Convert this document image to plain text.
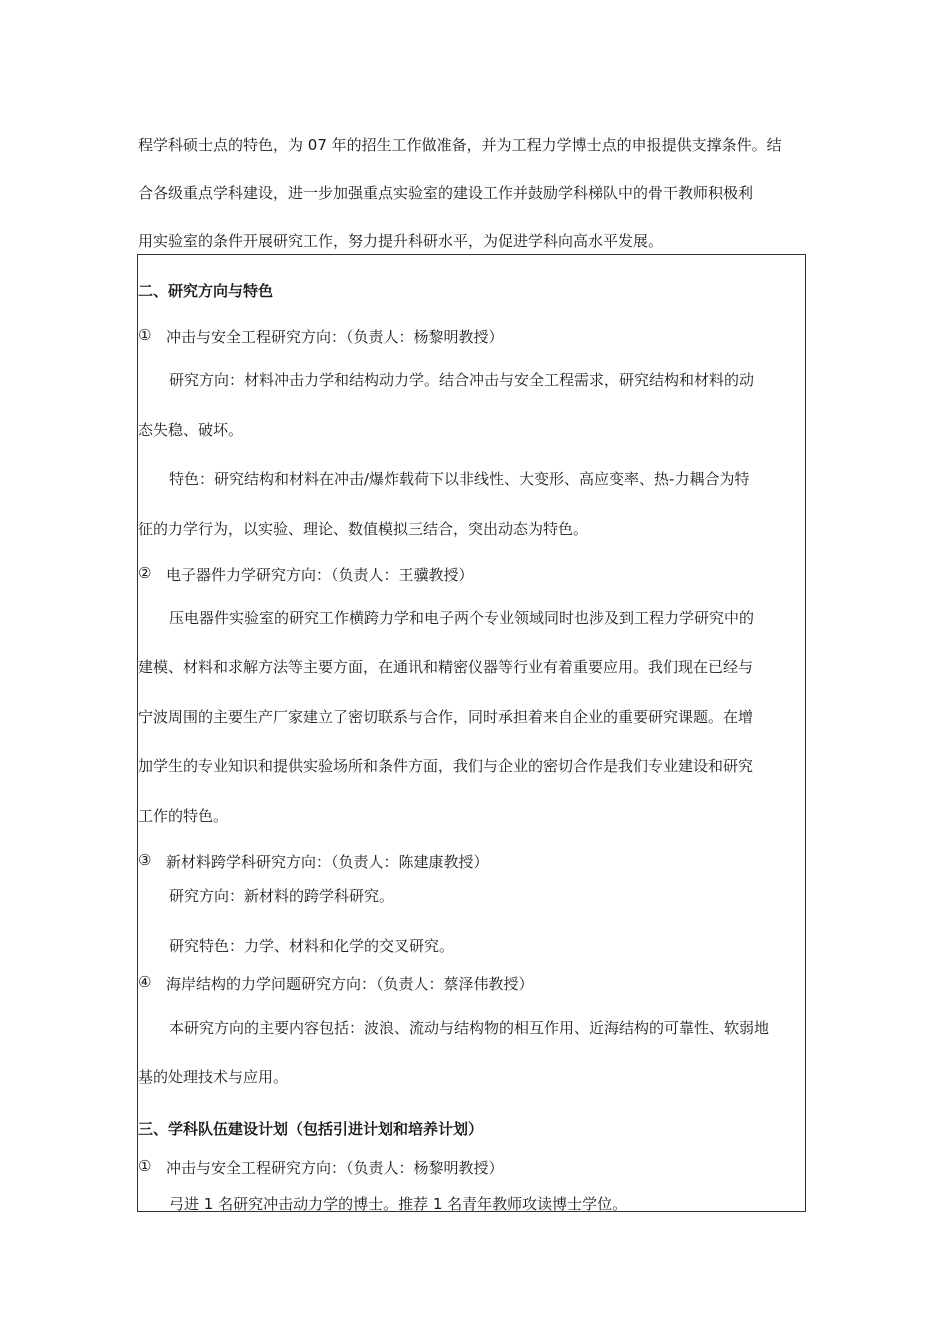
程学科硕士点的特色，为 07 年的招生工作做准备，并为工程力学博士点的申报提供支撑条件。结

合各级重点学科建设，进一步加强重点实验室的建设工作并鼓励学科梯队中的骨干教师积极利

用实验室的条件开展研究工作，努力提升科研水平，为促进学科向高水平发展。

二、研究方向与特色
① 冲击与安全工程研究方向：（负责人：杨黎明教授）
研究方向：材料冲击力学和结构动力学。结合冲击与安全工程需求，研究结构和材料的动
态失稳、破坏。
特色：研究结构和材料在冲击/爆炸载荷下以非线性、大变形、高应变率、热-力耦合为特
征的力学行为，以实验、理论、数值模拟三结合，突出动态为特色。
② 电子器件力学研究方向：（负责人：王骥教授）
压电器件实验室的研究工作横跨力学和电子两个专业领域同时也涉及到工程力学研究中的
建模、材料和求解方法等主要方面，在通讯和精密仪器等行业有着重要应用。我们现在已经与
宁波周围的主要生产厂家建立了密切联系与合作，同时承担着来自企业的重要研究课题。在增
加学生的专业知识和提供实验场所和条件方面，我们与企业的密切合作是我们专业建设和研究
工作的特色。
③ 新材料跨学科研究方向：（负责人：陈建康教授）
研究方向：新材料的跨学科研究。
研究特色：力学、材料和化学的交叉研究。
④ 海岸结构的力学问题研究方向：（负责人：蔡泽伟教授）
本研究方向的主要内容包括：波浪、流动与结构物的相互作用、近海结构的可靠性、软弱地
基的处理技术与应用。
三、学科队伍建设计划（包括引进计划和培养计划）
① 冲击与安全工程研究方向：（负责人：杨黎明教授）
弓进 1 名研究冲击动力学的博士。推荐 1 名青年教师攻读博士学位。
